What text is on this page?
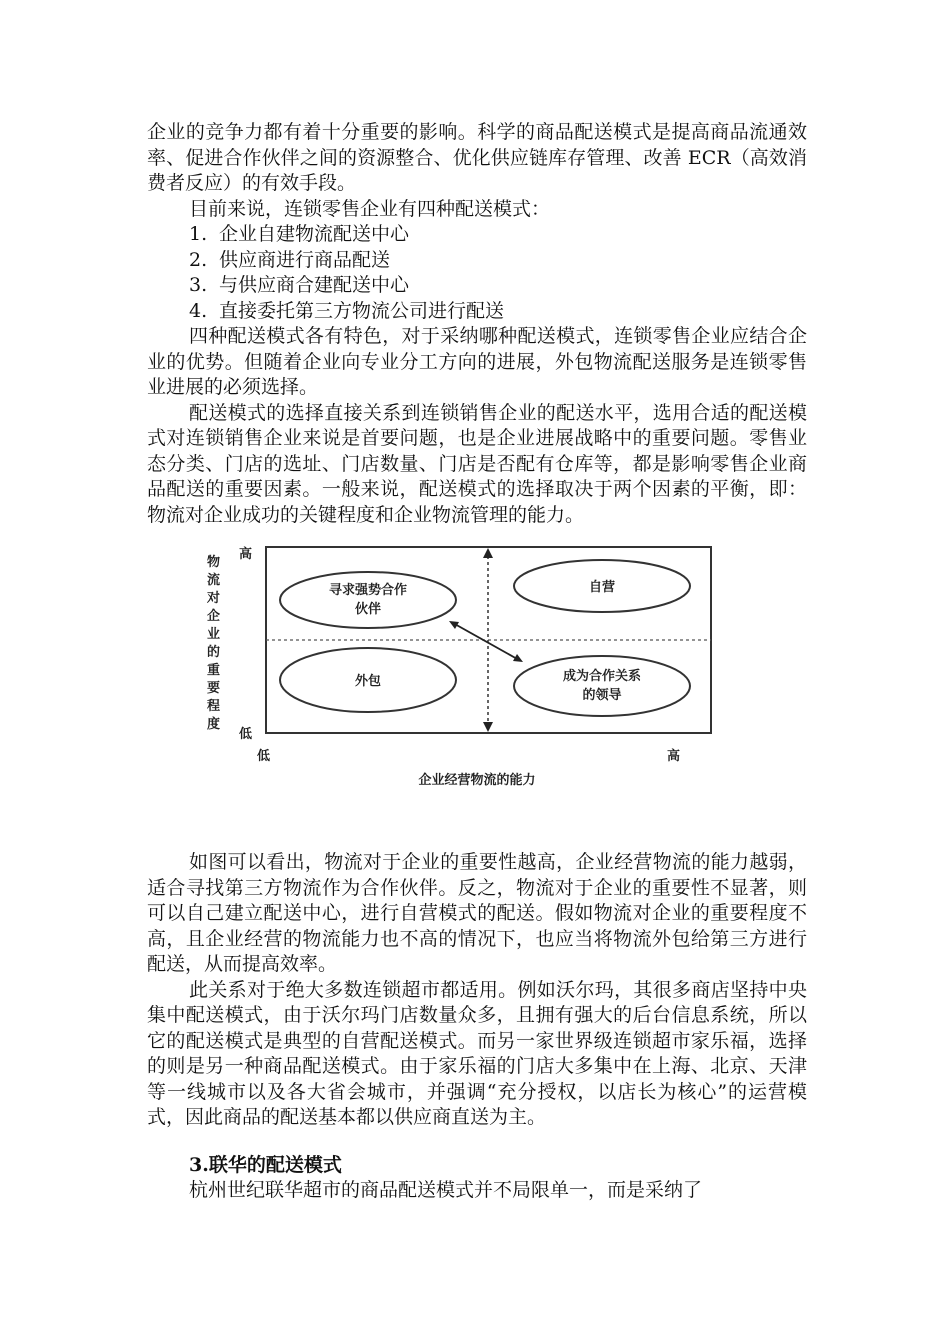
企业的竞争力都有着十分重要的影响。科学的商品配送模式是提高商品流通效率、促进合作伙伴之间的资源整合、优化供应链库存管理、改善 ECR（高效消费者反应）的有效手段。

目前来说，连锁零售企业有四种配送模式：

1. 企业自建物流配送中心
2. 供应商进行商品配送
3. 与供应商合建配送中心
4. 直接委托第三方物流公司进行配送

四种配送模式各有特色，对于采纳哪种配送模式，连锁零售企业应结合企业的优势。但随着企业向专业分工方向的进展，外包物流配送服务是连锁零售业进展的必须选择。

配送模式的选择直接关系到连锁销售企业的配送水平，选用合适的配送模式对连锁销售企业来说是首要问题，也是企业进展战略中的重要问题。零售业态分类、门店的选址、门店数量、门店是否配有仓库等，都是影响零售企业商品配送的重要因素。一般来说，配送模式的选择取决于两个因素的平衡，即：物流对企业成功的关键程度和企业物流管理的能力。

物
流
对
企
业
的
重
要
程
度
高
低
寻求强势合作
伙伴
自营
外包	成为合作关系
的领导
低	高
企业经营物流的能力

如图可以看出，物流对于企业的重要性越高，企业经营物流的能力越弱，适合寻找第三方物流作为合作伙伴。反之，物流对于企业的重要性不显著，则可以自己建立配送中心，进行自营模式的配送。假如物流对企业的重要程度不高，且企业经营的物流能力也不高的情况下，也应当将物流外包给第三方进行配送，从而提高效率。

此关系对于绝大多数连锁超市都适用。例如沃尔玛，其很多商店坚持中央集中配送模式，由于沃尔玛门店数量众多，且拥有强大的后台信息系统，所以它的配送模式是典型的自营配送模式。而另一家世界级连锁超市家乐福，选择的则是另一种商品配送模式。由于家乐福的门店大多集中在上海、北京、天津等一线城市以及各大省会城市，并强调“充分授权，以店长为核心”的运营模式，因此商品的配送基本都以供应商直送为主。

3.联华的配送模式

杭州世纪联华超市的商品配送模式并不局限单一，而是采纳了
